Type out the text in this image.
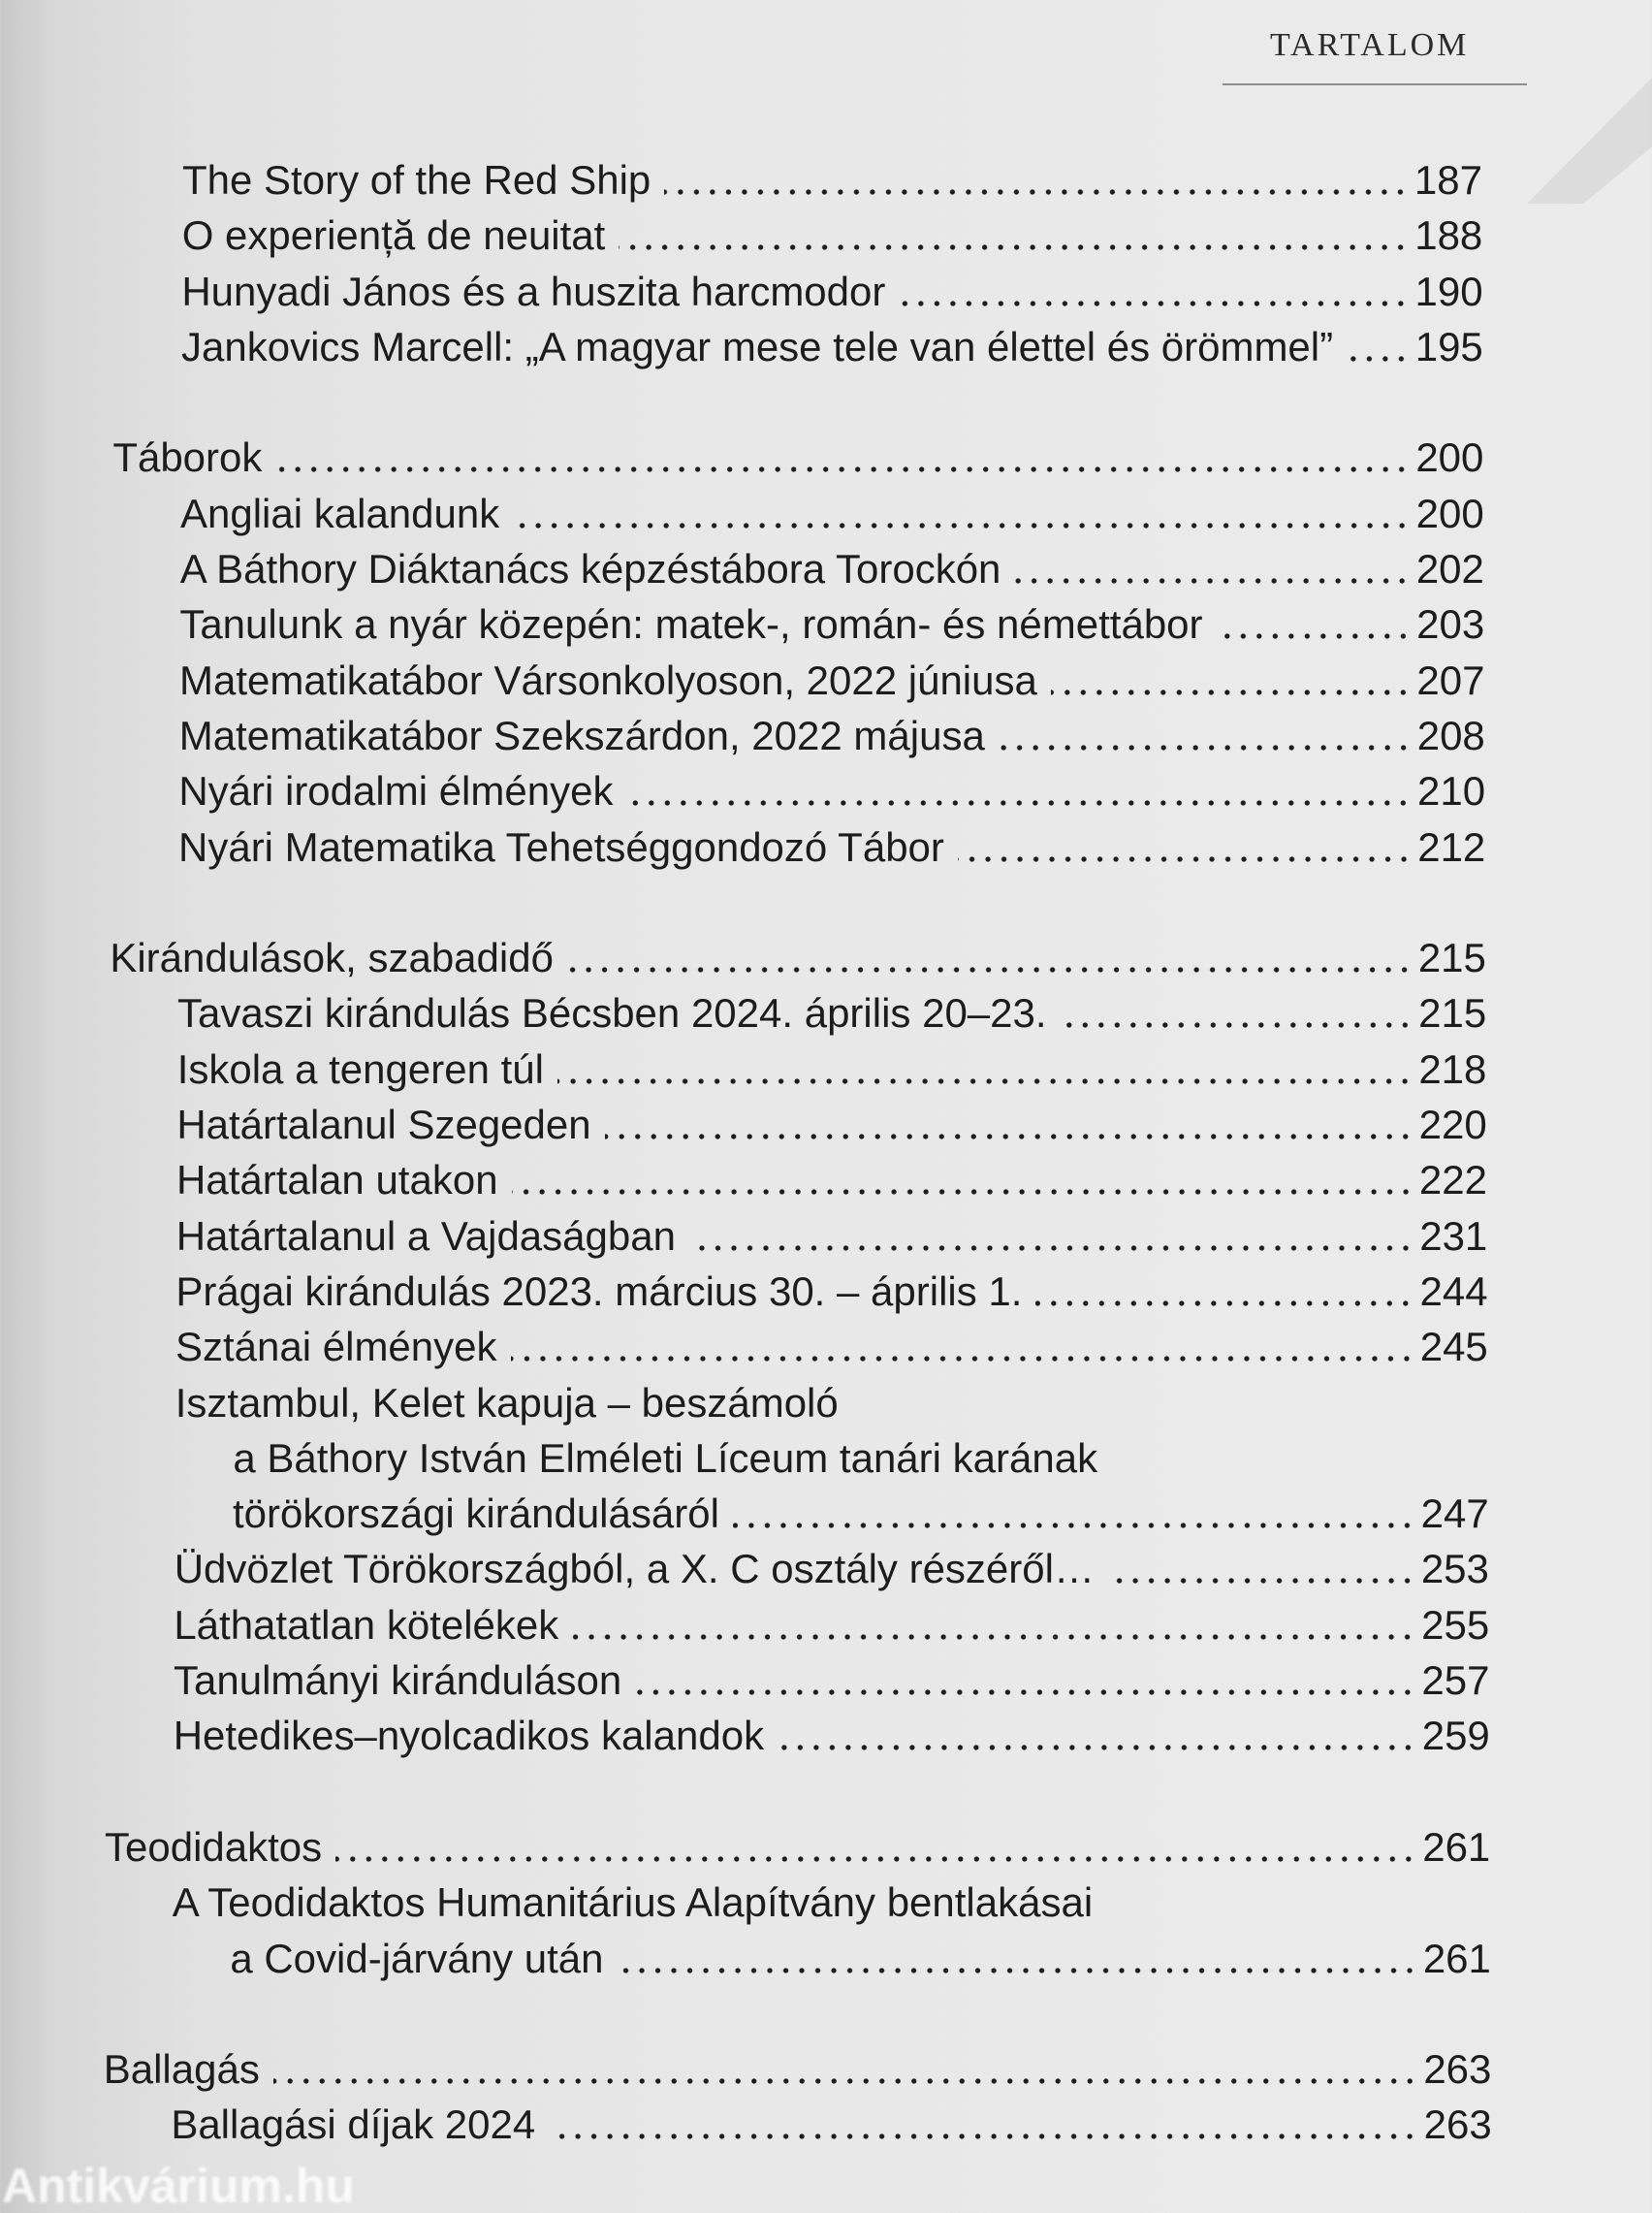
TARTALOM
The Story of the Red Ship	187
O experiență de neuitat	188
Hunyadi János és a huszita harcmodor	190
Jankovics Marcell: „A magyar mese tele van élettel és örömmel” 195
Táborok	200
Angliai kalandunk	200
A Báthory Diáktanács képzéstábora Torockón	202
Tanulunk a nyár közepén: matek-, román- és némettábor	203
Matematikatábor Vársonkolyoson, 2022 júniusa	207
Matematikatábor Szekszárdon, 2022 májusa	208
Nyári irodalmi élmények	210
Nyári Matematika Tehetséggondozó Tábor	212
Kirándulások, szabadidő	215
Tavaszi kirándulás Bécsben 2024. április 20–23.	215
Iskola a tengeren túl	218
Határtalanul Szegeden	220
Határtalan utakon	222
Határtalanul a Vajdaságban	231
Prágai kirándulás 2023. március 30. – április 1.	244
Sztánai élmények	245
Isztambul, Kelet kapuja – beszámoló
a Báthory István Elméleti Líceum tanári karának
törökországi kirándulásáról	247
Üdvözlet Törökországból, a X. C osztály részéről…	253
Láthatatlan kötelékek	255
Tanulmányi kiránduláson	257
Hetedikes–nyolcadikos kalandok	259
Teodidaktos	261
A Teodidaktos Humanitárius Alapítvány bentlakásai
a Covid-járvány után	261
Ballagás	263
Ballagási díjak 2024	263
Antikvárium.hu
